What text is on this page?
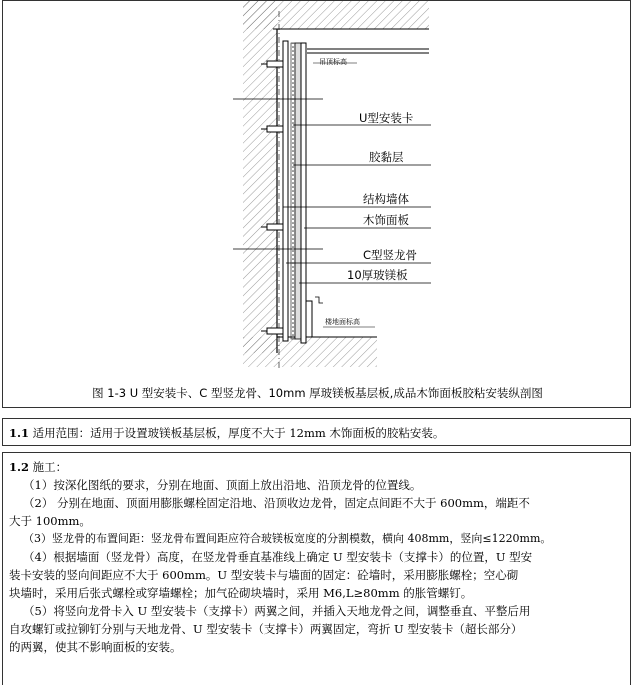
吊顶标高
U型安装卡
胶黏层
结构墙体
木饰面板
C型竖龙骨
10厚玻镁板
楼地面标高
图 1-3 U 型安装卡、C 型竖龙骨、10mm 厚玻镁板基层板,成品木饰面板胶粘安装纵剖图

1.1 适用范围：适用于设置玻镁板基层板，厚度不大于 12mm 木饰面板的胶粘安装。

1.2 施工：

（1）按深化图纸的要求，分别在地面、顶面上放出沿地、沿顶龙骨的位置线。

（2） 分别在地面、顶面用膨胀螺栓固定沿地、沿顶收边龙骨，固定点间距不大于 600mm，端距不

大于 100mm。

（3）竖龙骨的布置间距：竖龙骨布置间距应符合玻镁板宽度的分割模数，横向 408mm，竖向≤1220mm。

（4）根据墙面（竖龙骨）高度，在竖龙骨垂直基准线上确定 U 型安装卡（支撑卡）的位置，U 型安

装卡安装的竖向间距应不大于 600mm。U 型安装卡与墙面的固定：砼墙时，采用膨胀螺栓；空心砌

块墙时，采用后张式螺栓或穿墙螺栓；加气砼砌块墙时，采用 M6,L≥80mm 的胀管螺钉。

（5）将竖向龙骨卡入 U 型安装卡（支撑卡）两翼之间，并插入天地龙骨之间，调整垂直、平整后用

自攻螺钉或拉铆钉分别与天地龙骨、U 型安装卡（支撑卡）两翼固定，弯折 U 型安装卡（超长部分）

的两翼，使其不影响面板的安装。
